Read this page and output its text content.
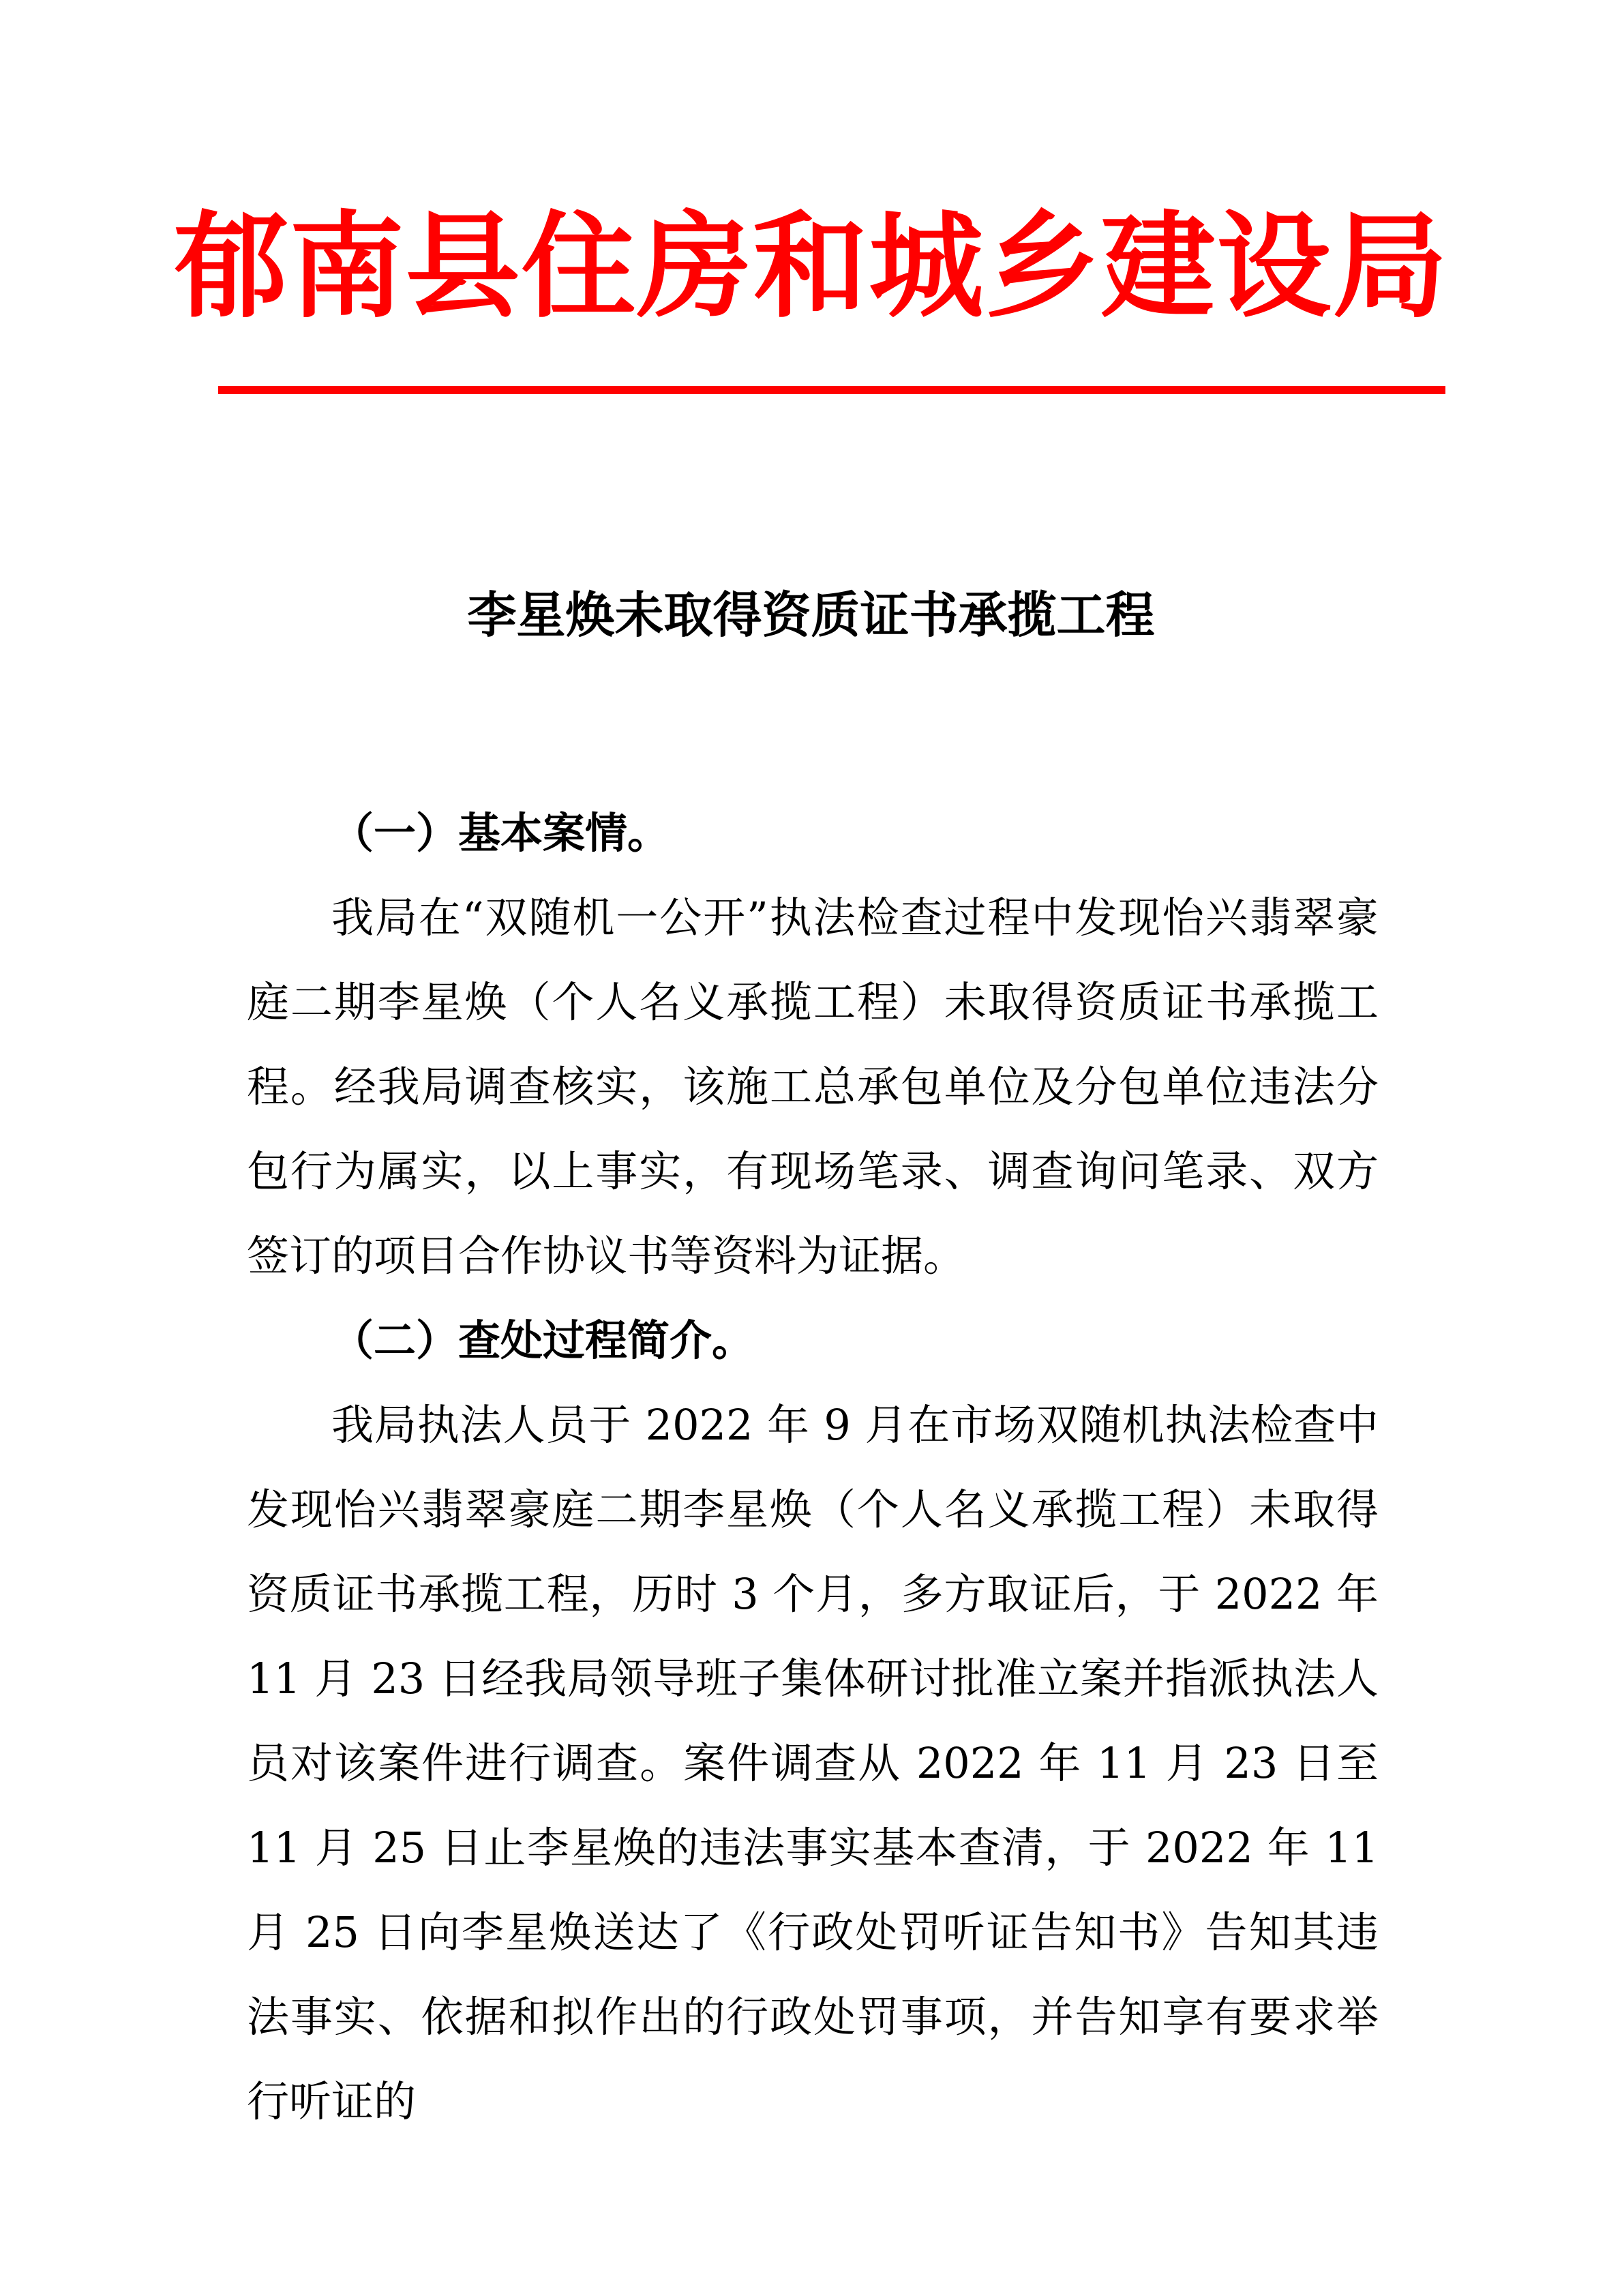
郁南县住房和城乡建设局
李星焕未取得资质证书承揽工程

（一）基本案情。

我局在“双随机一公开”执法检查过程中发现怡兴翡翠豪庭二期李星焕（个人名义承揽工程）未取得资质证书承揽工程。经我局调查核实，该施工总承包单位及分包单位违法分包行为属实，以上事实，有现场笔录、调查询问笔录、双方签订的项目合作协议书等资料为证据。

（二）查处过程简介。

我局执法人员于 2022 年 9 月在市场双随机执法检查中发现怡兴翡翠豪庭二期李星焕（个人名义承揽工程）未取得资质证书承揽工程，历时 3 个月，多方取证后，于 2022 年 11 月 23 日经我局领导班子集体研讨批准立案并指派执法人员对该案件进行调查。案件调查从 2022 年 11 月 23 日至 11 月 25 日止李星焕的违法事实基本查清，于 2022 年 11 月 25 日向李星焕送达了《行政处罚听证告知书》告知其违法事实、依据和拟作出的行政处罚事项，并告知享有要求举行听证的
